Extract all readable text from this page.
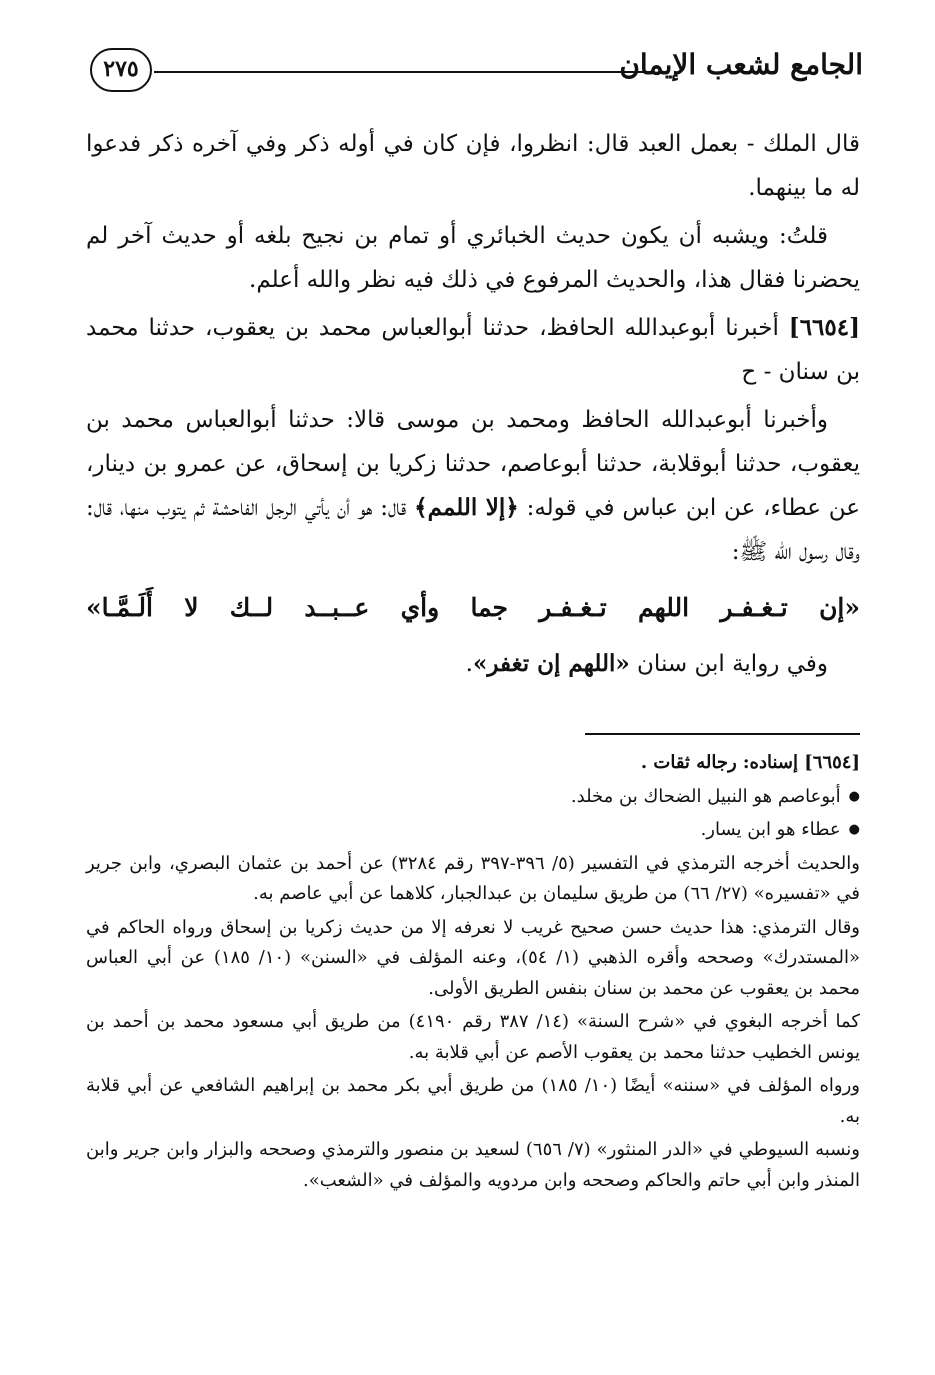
الجامع لشعب الإيمان
٢٧٥

قال الملك - بعمل العبد قال: انظروا، فإن كان في أوله ذكر وفي آخره ذكر فدعوا له ما بينهما.

قلتُ: ويشبه أن يكون حديث الخبائري أو تمام بن نجيح بلغه أو حديث آخر لم يحضرنا فقال هذا، والحديث المرفوع في ذلك فيه نظر والله أعلم.

[٦٦٥٤] أخبرنا أبوعبدالله الحافظ، حدثنا أبوالعباس محمد بن يعقوب، حدثنا محمد بن سنان - ح

وأخبرنا أبوعبدالله الحافظ ومحمد بن موسى قالا: حدثنا أبوالعباس محمد بن يعقوب، حدثنا أبوقلابة، حدثنا أبوعاصم، حدثنا زكريا بن إسحاق، عن عمرو بن دينار، عن عطاء، عن ابن عباس في قوله: ﴿إلا اللمم﴾ قال: هو أن يأتي الرجل الفاحشة ثم يتوب منها، قال: وقال رسول الله ﷺ:

«إن تـغـفـر اللهم تـغـفـر جما وأي عــبــد لــك لا أَلَـمَّـا»

وفي رواية ابن سنان «اللهم إن تغفر».

[٦٦٥٤] إسناده: رجاله ثقات .

● أبوعاصم هو النبيل الضحاك بن مخلد.

● عطاء هو ابن يسار.

والحديث أخرجه الترمذي في التفسير (٥/ ٣٩٦-٣٩٧ رقم ٣٢٨٤) عن أحمد بن عثمان البصري، وابن جرير في «تفسيره» (٢٧/ ٦٦) من طريق سليمان بن عبدالجبار، كلاهما عن أبي عاصم به.

وقال الترمذي: هذا حديث حسن صحيح غريب لا نعرفه إلا من حديث زكريا بن إسحاق ورواه الحاكم في «المستدرك» وصححه وأقره الذهبي (١/ ٥٤)، وعنه المؤلف في «السنن» (١٠/ ١٨٥) عن أبي العباس محمد بن يعقوب عن محمد بن سنان بنفس الطريق الأولى.

كما أخرجه البغوي في «شرح السنة» (١٤/ ٣٨٧ رقم ٤١٩٠) من طريق أبي مسعود محمد بن أحمد بن يونس الخطيب حدثنا محمد بن يعقوب الأصم عن أبي قلابة به.

ورواه المؤلف في «سننه» أيضًا (١٠/ ١٨٥) من طريق أبي بكر محمد بن إبراهيم الشافعي عن أبي قلابة به.

ونسبه السيوطي في «الدر المنثور» (٧/ ٦٥٦) لسعيد بن منصور والترمذي وصححه والبزار وابن جرير وابن المنذر وابن أبي حاتم والحاكم وصححه وابن مردويه والمؤلف في «الشعب».
